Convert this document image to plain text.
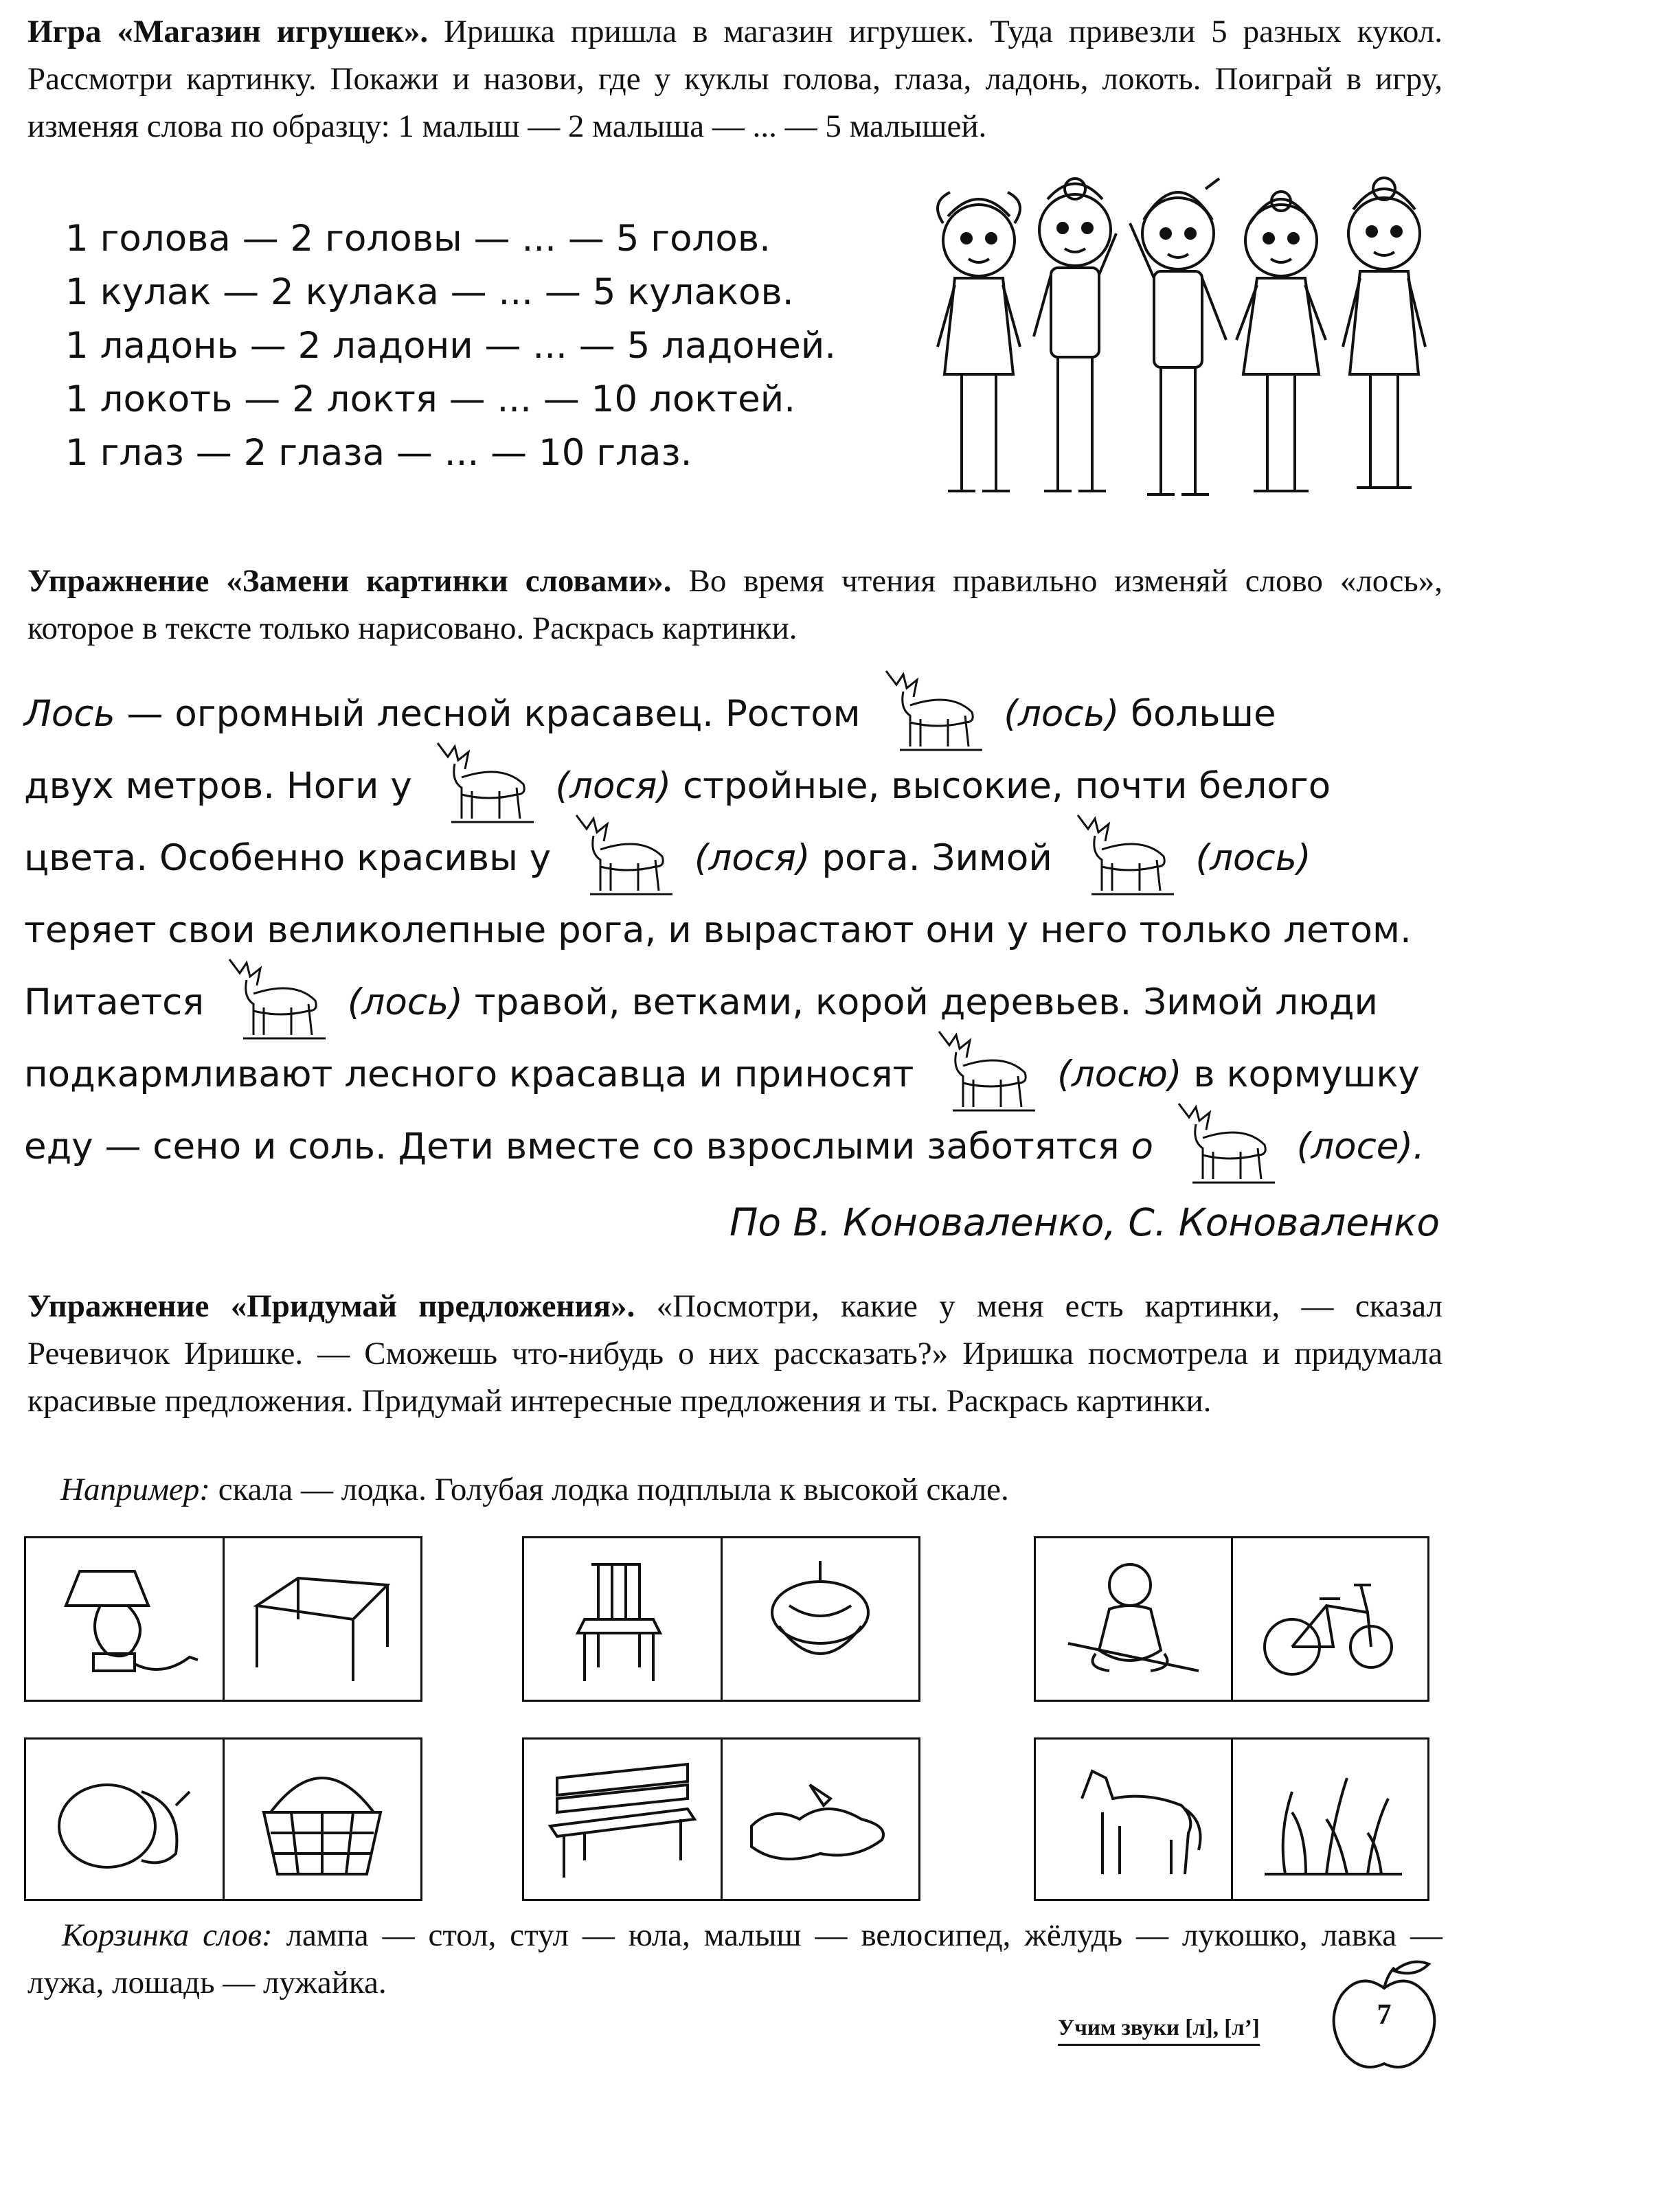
Игра «Магазин игрушек». Иришка пришла в магазин игрушек. Туда привезли 5 разных кукол. Рассмотри картинку. Покажи и назови, где у куклы голова, глаза, ладонь, локоть. Поиграй в игру, изменяя слова по образцу: 1 малыш — 2 малыша — ... — 5 малышей.
1 голова — 2 головы — ... — 5 голов.
1 кулак — 2 кулака — ... — 5 кулаков.
1 ладонь — 2 ладони — ... — 5 ладоней.
1 локоть — 2 локтя — ... — 10 локтей.
1 глаз — 2 глаза — ... — 10 глаз.
Упражнение «Замени картинки словами». Во время чтения правильно изменяй слово «лось», которое в тексте только нарисовано. Раскрась картинки.
Лось — огромный лесной красавец. Ростом	(лось) больше
двух метров. Ноги у	(лося) стройные, высокие, почти белого
цвета. Особенно красивы у	(лося) рога. Зимой	(лось)
теряет свои великолепные рога, и вырастают они у него только летом.
Питается	(лось) травой, ветками, корой деревьев. Зимой люди
подкармливают лесного красавца и приносят	(лосю) в кормушку
еду — сено и соль. Дети вместе со взрослыми заботятся о	(лосе).
По В. Коноваленко, С. Коноваленко
Упражнение «Придумай предложения». «Посмотри, какие у меня есть картинки, — сказал Речевичок Иришке. — Сможешь что-нибудь о них рассказать?» Иришка посмотрела и придумала красивые предложения. Придумай интересные предложения и ты. Раскрась картинки.
Например: скала — лодка. Голубая лодка подплыла к высокой скале.
Корзинка слов: лампа — стол, стул — юла, малыш — велосипед, жёлудь — лукошко, лавка — лужа, лошадь — лужайка.
Учим звуки [л], [л’]	7
